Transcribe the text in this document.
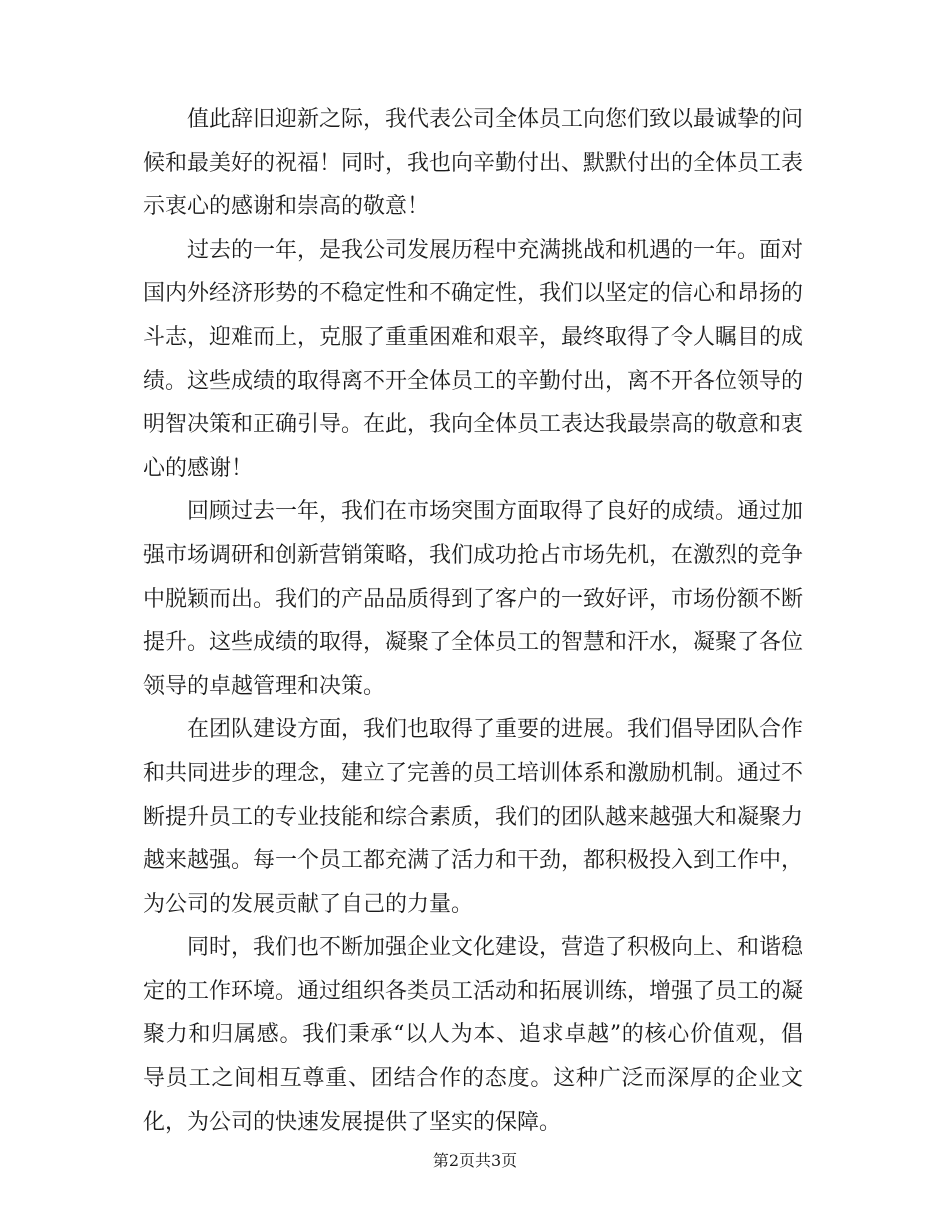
值此辞旧迎新之际，我代表公司全体员工向您们致以最诚挚的问候和最美好的祝福！同时，我也向辛勤付出、默默付出的全体员工表示衷心的感谢和崇高的敬意！

过去的一年，是我公司发展历程中充满挑战和机遇的一年。面对国内外经济形势的不稳定性和不确定性，我们以坚定的信心和昂扬的斗志，迎难而上，克服了重重困难和艰辛，最终取得了令人瞩目的成绩。这些成绩的取得离不开全体员工的辛勤付出，离不开各位领导的明智决策和正确引导。在此，我向全体员工表达我最崇高的敬意和衷心的感谢！

回顾过去一年，我们在市场突围方面取得了良好的成绩。通过加强市场调研和创新营销策略，我们成功抢占市场先机，在激烈的竞争中脱颖而出。我们的产品品质得到了客户的一致好评，市场份额不断提升。这些成绩的取得，凝聚了全体员工的智慧和汗水，凝聚了各位领导的卓越管理和决策。

在团队建设方面，我们也取得了重要的进展。我们倡导团队合作和共同进步的理念，建立了完善的员工培训体系和激励机制。通过不断提升员工的专业技能和综合素质，我们的团队越来越强大和凝聚力越来越强。每一个员工都充满了活力和干劲，都积极投入到工作中，为公司的发展贡献了自己的力量。

同时，我们也不断加强企业文化建设，营造了积极向上、和谐稳定的工作环境。通过组织各类员工活动和拓展训练，增强了员工的凝聚力和归属感。我们秉承“以人为本、追求卓越”的核心价值观，倡导员工之间相互尊重、团结合作的态度。这种广泛而深厚的企业文化，为公司的快速发展提供了坚实的保障。

第2页共3页
